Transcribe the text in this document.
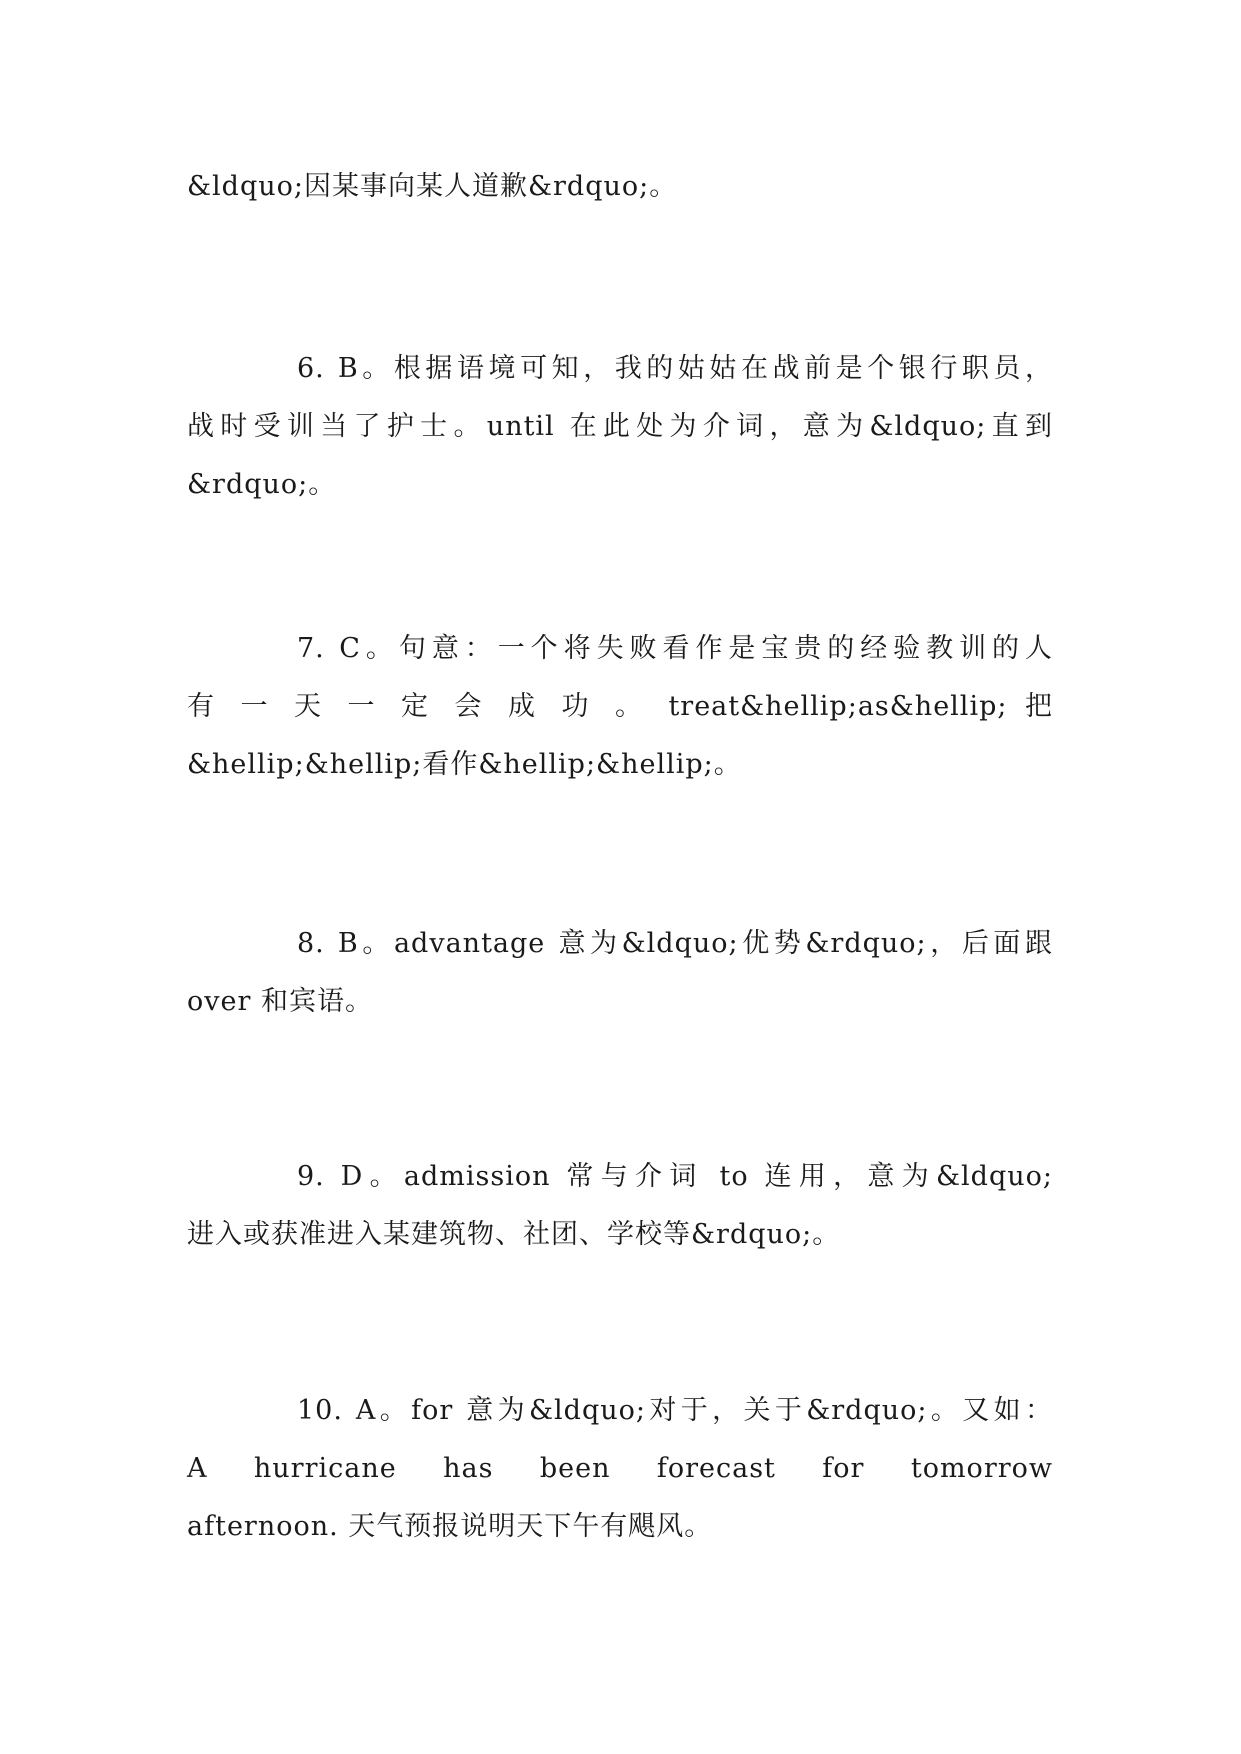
&ldquo;因某事向某人道歉&rdquo;。
6. B。根据语境可知，我的姑姑在战前是个银行职员，
战时受训当了护士。until 在此处为介词，意为&ldquo;直到
&rdquo;。
7. C。句意：一个将失败看作是宝贵的经验教训的人
有 一 天 一 定 会 成 功 。 treat&hellip;as&hellip; 把
&hellip;&hellip;看作&hellip;&hellip;。
8. B。advantage 意为&ldquo;优势&rdquo;，后面跟
over 和宾语。
9. D。admission 常与介词 to 连用，意为&ldquo;
进入或获准进入某建筑物、社团、学校等&rdquo;。
10. A。for 意为&ldquo;对于，关于&rdquo;。又如：
A hurricane has been forecast for tomorrow
afternoon. 天气预报说明天下午有飓风。
